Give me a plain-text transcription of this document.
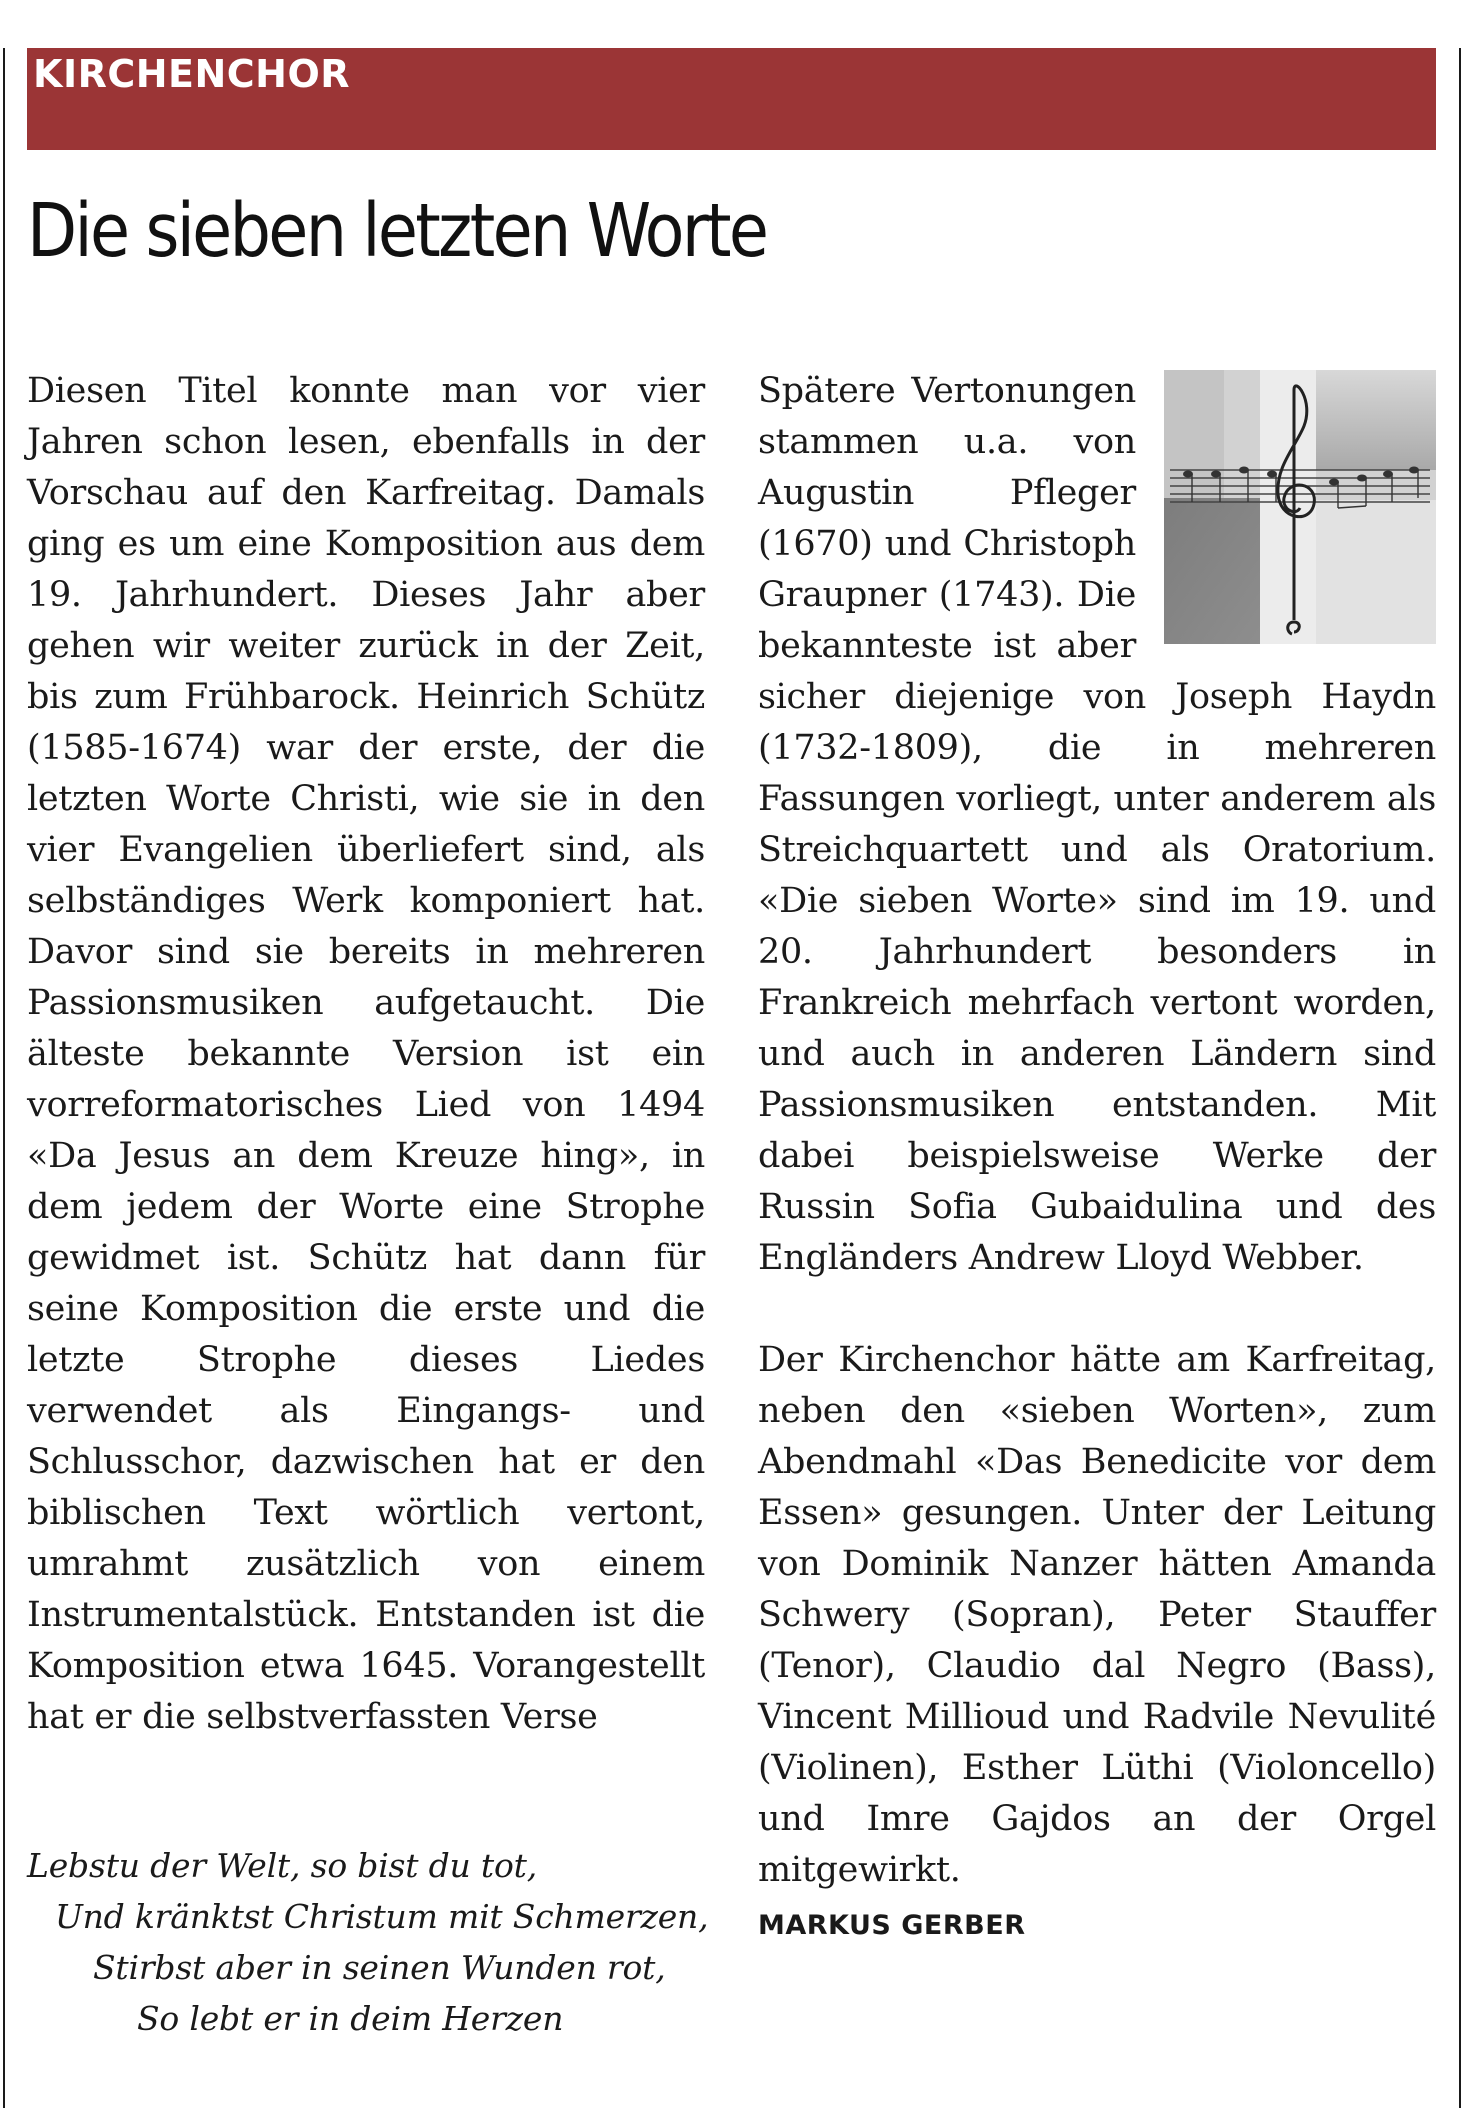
KIRCHENCHOR
Die sieben letzten Worte

Diesen Titel konnte man vor vier Jahren schon lesen, ebenfalls in der Vorschau auf den Karfreitag. Damals ging es um eine Komposition aus dem 19. Jahrhundert. Dieses Jahr aber gehen wir weiter zurück in der Zeit, bis zum Frühbarock. Heinrich Schütz (1585-1674) war der erste, der die letzten Worte Christi, wie sie in den vier Evangelien überliefert sind, als selbständiges Werk komponiert hat. Davor sind sie bereits in mehreren Passionsmusiken aufgetaucht. Die älteste bekannte Version ist ein vorreformatorisches Lied von 1494 «Da Jesus an dem Kreuze hing», in dem jedem der Worte eine Strophe gewidmet ist. Schütz hat dann für seine Komposition die erste und die letzte Strophe dieses Liedes verwendet als Eingangs- und Schlusschor, dazwischen hat er den biblischen Text wörtlich vertont, umrahmt zusätzlich von einem Instrumentalstück. Entstanden ist die Komposition etwa 1645. Vorangestellt hat er die selbstverfassten Verse

Lebstu der Welt, so bist du tot,
Und kränktst Christum mit Schmerzen,
Stirbst aber in seinen Wunden rot,
So lebt er in deim Herzen

Spätere Vertonungen stammen u.a. von Augustin Pfleger (1670) und Christoph Graupner (1743). Die bekannteste ist aber sicher diejenige von Joseph Haydn (1732-1809), die in mehreren Fassungen vorliegt, unter anderem als Streichquartett und als Oratorium. «Die sieben Worte» sind im 19. und 20. Jahrhundert besonders in Frankreich mehrfach vertont worden, und auch in anderen Ländern sind Passionsmusiken entstanden. Mit dabei beispielsweise Werke der Russin Sofia Gubaidulina und des Engländers Andrew Lloyd Webber.

Der Kirchenchor hätte am Karfreitag, neben den «sieben Worten», zum Abendmahl «Das Benedicite vor dem Essen» gesungen. Unter der Leitung von Dominik Nanzer hätten Amanda Schwery (Sopran), Peter Stauffer (Tenor), Claudio dal Negro (Bass), Vincent Millioud und Radvile Nevulité (Violinen), Esther Lüthi (Violoncello) und Imre Gajdos an der Orgel mitgewirkt.

MARKUS GERBER
